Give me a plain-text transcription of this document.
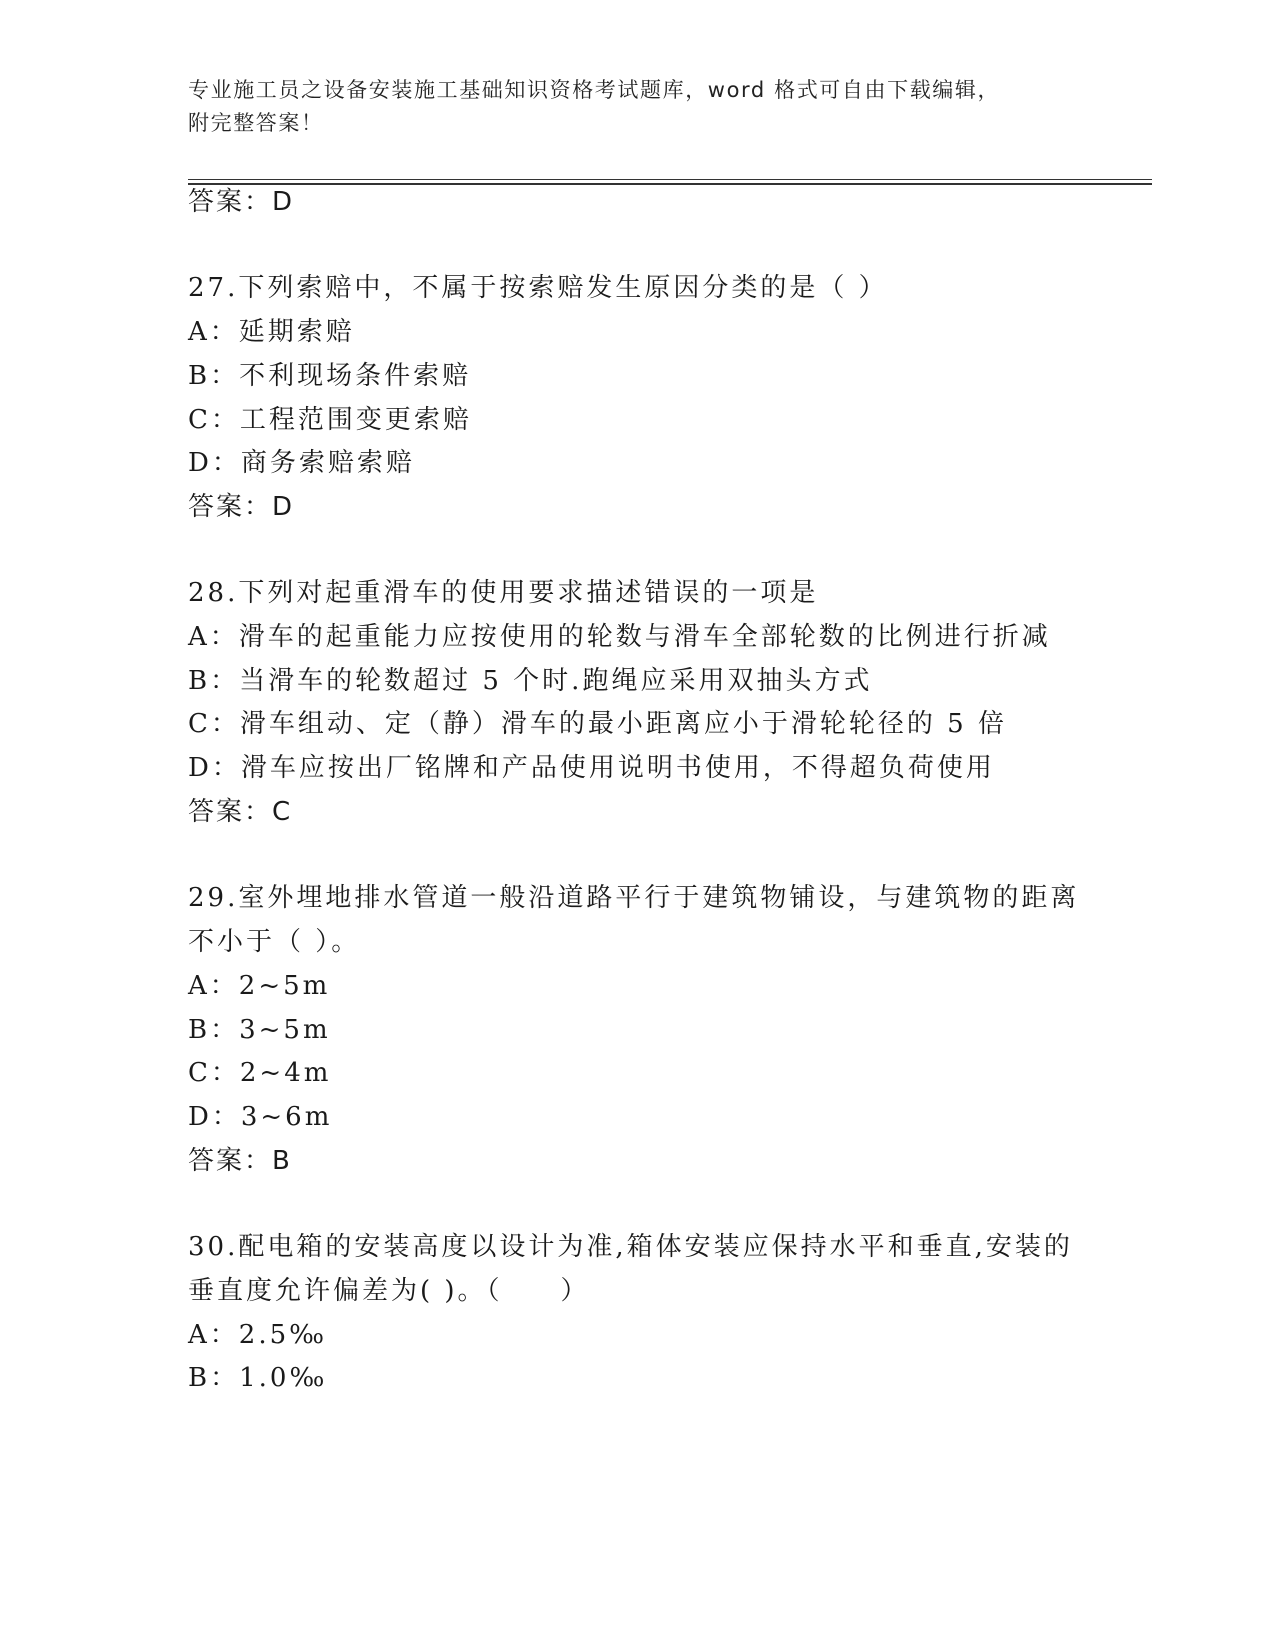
专业施工员之设备安装施工基础知识资格考试题库，word 格式可自由下载编辑，
附完整答案！
答案：D
27.下列索赔中，不属于按索赔发生原因分类的是（ ）
A：延期索赔
B：不利现场条件索赔
C：工程范围变更索赔
D：商务索赔索赔
答案：D
28.下列对起重滑车的使用要求描述错误的一项是
A：滑车的起重能力应按使用的轮数与滑车全部轮数的比例进行折减
B：当滑车的轮数超过 5 个时.跑绳应采用双抽头方式
C：滑车组动、定（静）滑车的最小距离应小于滑轮轮径的 5 倍
D：滑车应按出厂铭牌和产品使用说明书使用，不得超负荷使用
答案：C
29.室外埋地排水管道一般沿道路平行于建筑物铺设，与建筑物的距离
不小于（ ）。
A：2~5m
B：3~5m
C：2~4m
D：3~6m
答案：B
30.配电箱的安装高度以设计为准,箱体安装应保持水平和垂直,安装的
垂直度允许偏差为( )。（　　）
A：2.5‰
B：1.0‰
